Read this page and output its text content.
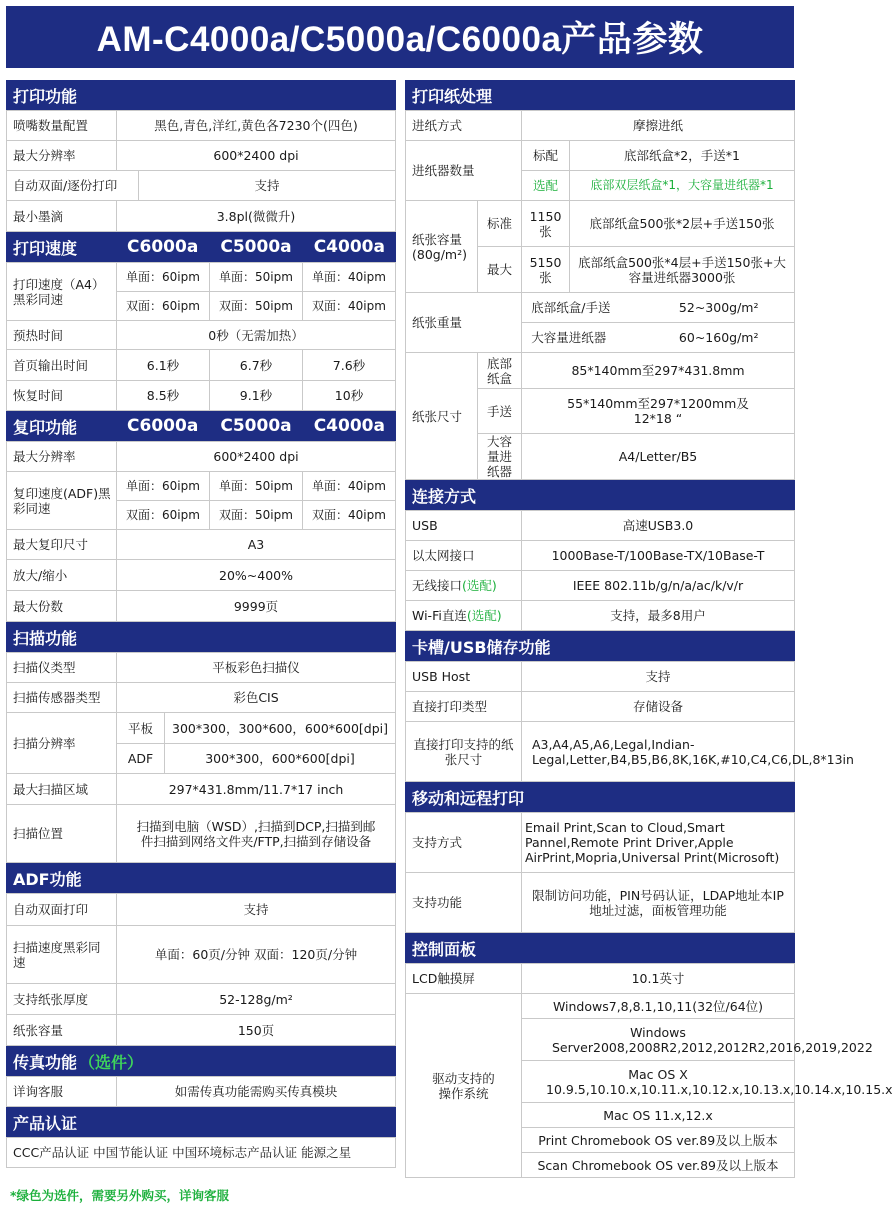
AM-C4000a/C5000a/C6000a产品参数
打印功能
喷嘴数量配置	黑色,青色,洋红,黄色各7230个(四色)	
最大分辨率	600*2400 dpi	
自动双面/逐份打印		支持
最小墨滴	3.8pl(微微升)	
打印速度	C6000a	C5000a	C4000a
打印速度（A4）黑彩同速	单面：60ipm	单面：50ipm	单面：40ipm
	双面：60ipm	双面：50ipm	双面：40ipm
预热时间	0秒（无需加热）		
首页输出时间	6.1秒	6.7秒	7.6秒
恢复时间	8.5秒	9.1秒	10秒
复印功能	C6000a	C5000a	C4000a
最大分辨率	600*2400 dpi		
复印速度(ADF)黑彩同速	单面：60ipm	单面：50ipm	单面：40ipm
	双面：60ipm	双面：50ipm	双面：40ipm
最大复印尺寸	A3		
放大/缩小	20%~400%		
最大份数	9999页		
扫描功能
扫描仪类型	平板彩色扫描仪	
扫描传感器类型	彩色CIS	
扫描分辨率	平板	300*300，300*600，600*600[dpi]
	ADF	300*300，600*600[dpi]
最大扫描区域	297*431.8mm/11.7*17 inch	
扫描位置	扫描到电脑（WSD）,扫描到DCP,扫描到邮件扫描到网络文件夹/FTP,扫描到存储设备	
ADF功能
自动双面打印	支持
扫描速度黑彩同速	单面：60页/分钟 双面：120页/分钟
支持纸张厚度	52-128g/m²
纸张容量	150页
传真功能 （选件）
详询客服	如需传真功能需购买传真模块
产品认证
CCC产品认证 中国节能认证 中国环境标志产品认证 能源之星
打印纸处理
进纸方式		摩擦进纸	
进纸器数量		标配	底部纸盒*2，手送*1
		选配	底部双层纸盒*1，大容量进纸器*1
纸张容量(80g/m²)	标准	1150张	底部纸盒500张*2层+手送150张
	最大	5150张	底部纸盒500张*4层+手送150张+大容量进纸器3000张
纸张重量		底部纸盒/手送 52~300g/m²	
		大容量进纸器 60~160g/m²	
纸张尺寸	底部纸盒	85*140mm至297*431.8mm	
	手送	55*140mm至297*1200mm及12*18 “	
	大容量进纸器	A4/Letter/B5	
连接方式
USB	高速USB3.0
以太网接口	1000Base-T/100Base-TX/10Base-T
无线接口(选配)	IEEE 802.11b/g/n/a/ac/k/v/r
Wi-Fi直连(选配)	支持，最多8用户
卡槽/USB储存功能
USB Host	支持
直接打印类型	存储设备
直接打印支持的纸张尺寸	A3,A4,A5,A6,Legal,Indian-Legal,Letter,B4,B5,B6,8K,16K,#10,C4,C6,DL,8*13in
移动和远程打印
支持方式	Email Print,Scan to Cloud,Smart Pannel,Remote Print Driver,Apple AirPrint,Mopria,Universal Print(Microsoft)
支持功能	限制访问功能，PIN号码认证，LDAP地址本IP地址过滤，面板管理功能
控制面板
LCD触摸屏	10.1英寸
驱动支持的操作系统	Windows7,8,8.1,10,11(32位/64位)
	Windows Server2008,2008R2,2012,2012R2,2016,2019,2022
	Mac OS X 10.9.5,10.10.x,10.11.x,10.12.x,10.13.x,10.14.x,10.15.x
	Mac OS 11.x,12.x
	Print Chromebook OS ver.89及以上版本
	Scan Chromebook OS ver.89及以上版本
*绿色为选件，需要另外购买，详询客服
